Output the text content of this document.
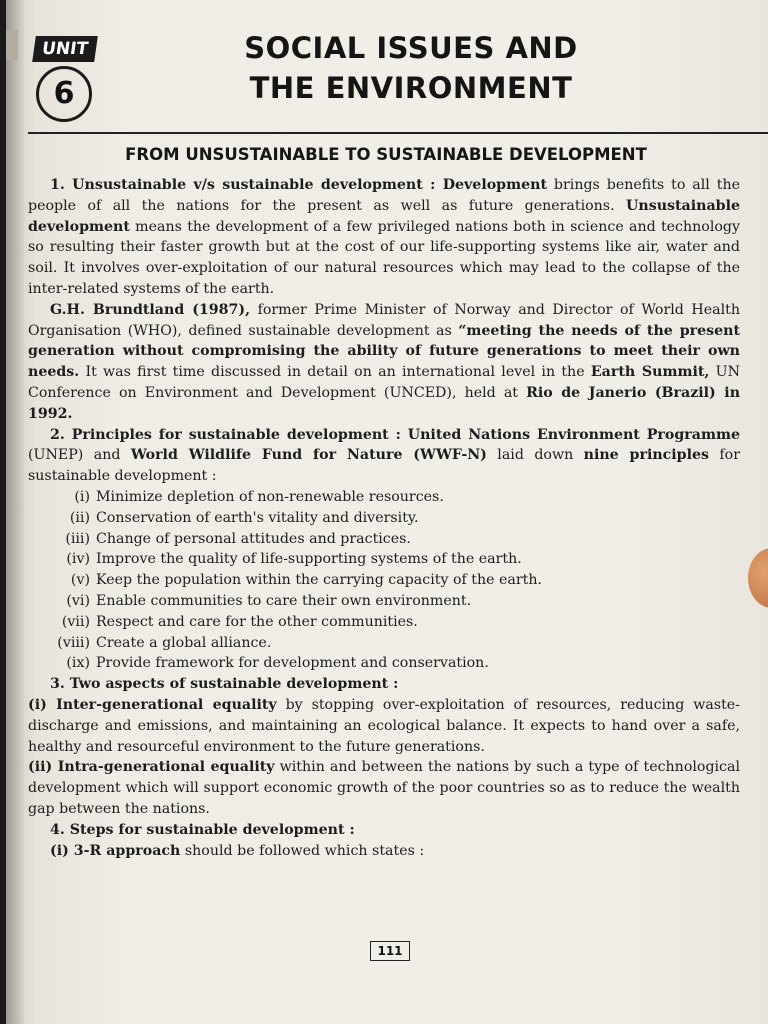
UNIT
6
SOCIAL ISSUES AND
THE ENVIRONMENT
FROM UNSUSTAINABLE TO SUSTAINABLE DEVELOPMENT

1. Unsustainable v/s sustainable development : Development brings benefits to all the people of all the nations for the present as well as future generations. Unsustainable development means the development of a few privileged nations both in science and technology so resulting their faster growth but at the cost of our life-supporting systems like air, water and soil. It involves over-exploitation of our natural resources which may lead to the collapse of the inter-related systems of the earth.

G.H. Brundtland (1987), former Prime Minister of Norway and Director of World Health Organisation (WHO), defined sustainable development as “meeting the needs of the present generation without compromising the ability of future generations to meet their own needs. It was first time discussed in detail on an international level in the Earth Summit, UN Conference on Environment and Development (UNCED), held at Rio de Janerio (Brazil) in 1992.

2. Principles for sustainable development : United Nations Environment Programme (UNEP) and World Wildlife Fund for Nature (WWF-N) laid down nine principles for sustainable development :

(i) Minimize depletion of non-renewable resources.
(ii) Conservation of earth's vitality and diversity.
(iii) Change of personal attitudes and practices.
(iv) Improve the quality of life-supporting systems of the earth.
(v) Keep the population within the carrying capacity of the earth.
(vi) Enable communities to care their own environment.
(vii) Respect and care for the other communities.
(viii) Create a global alliance.
(ix) Provide framework for development and conservation.

3. Two aspects of sustainable development :

(i) Inter-generational equality by stopping over-exploitation of resources, reducing waste-discharge and emissions, and maintaining an ecological balance. It expects to hand over a safe, healthy and resourceful environment to the future generations.

(ii) Intra-generational equality within and between the nations by such a type of technological development which will support economic growth of the poor countries so as to reduce the wealth gap between the nations.

4. Steps for sustainable development :

(i) 3-R approach should be followed which states :

111
